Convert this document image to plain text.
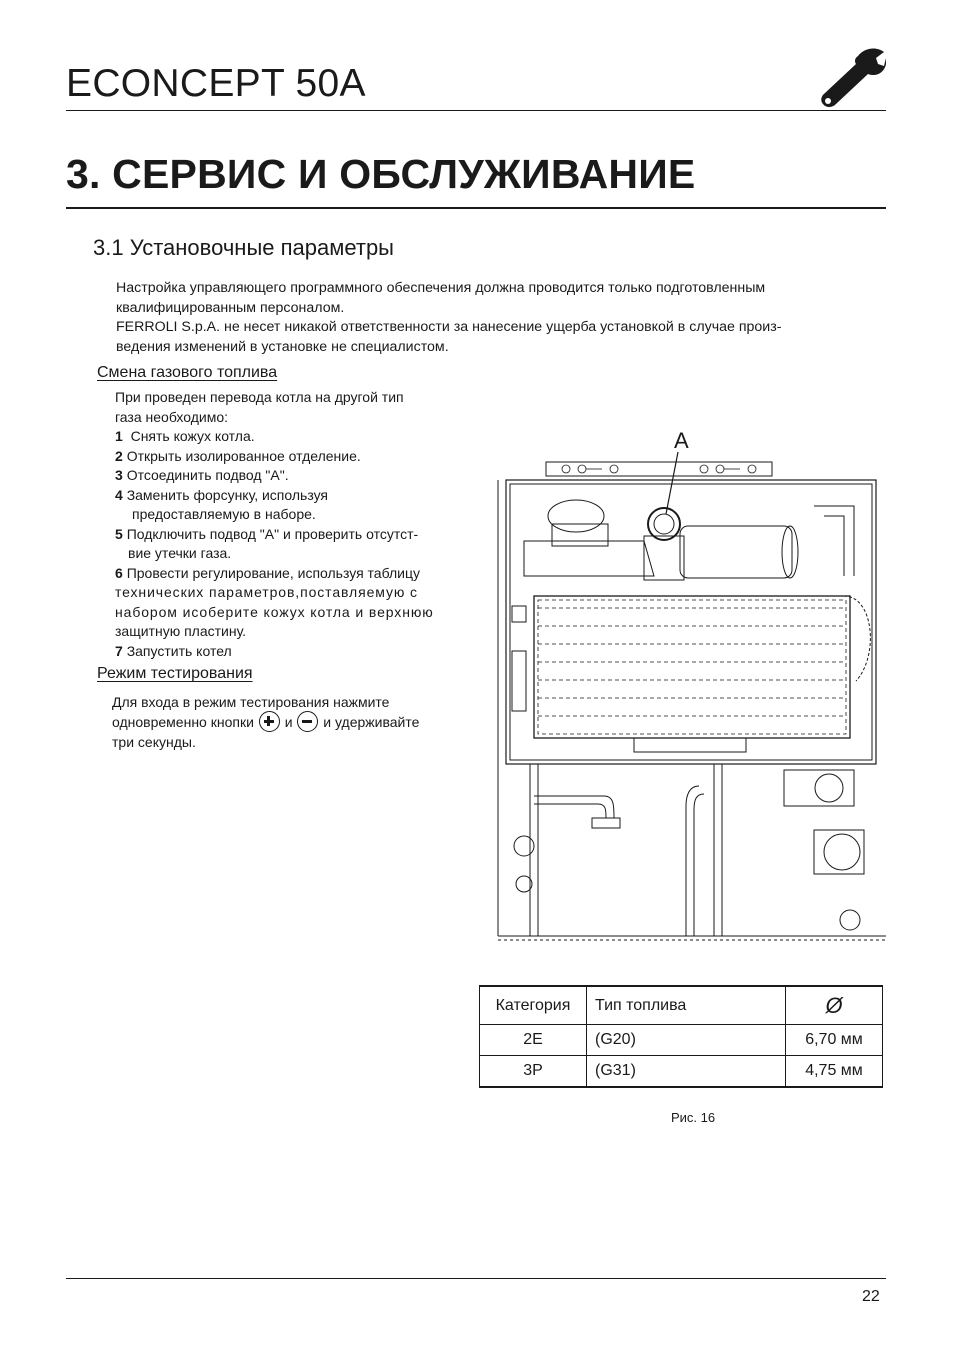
ECONCEPT 50A
3. СЕРВИС И ОБСЛУЖИВАНИЕ
3.1 Установочные параметры

Настройка управляющего программного обеспечения должна проводится только подготовленным

квалифицированным персоналом.

FERROLI S.p.A. не несет никакой ответственности за нанесение ущерба установкой в случае произ-

ведения изменений в установке не специалистом.

Смена газового топлива

При проведен перевода котла на другой тип

газа необходимо:

1 Снять кожух котла.

2 Открыть изолированное отделение.

3 Отсоединить подвод "A".

4 Заменить форсунку, используя

предоставляемую в наборе.

5 Подключить подвод "A" и проверить отсутст-

вие утечки газа.

6 Провести регулирование, используя таблицу

технических параметров,поставляемую с

набором исоберите кожух котла и верхнюю

защитную пластину.

7 Запустить котел

Режим тестирования

Для входа в режим тестирования нажмите

одновременно кнопки и и удерживайте

три секунды.

A
Категория	Тип топлива	Ø
2E	(G20)	6,70 мм
3P	(G31)	4,75 мм
Рис. 16
22
